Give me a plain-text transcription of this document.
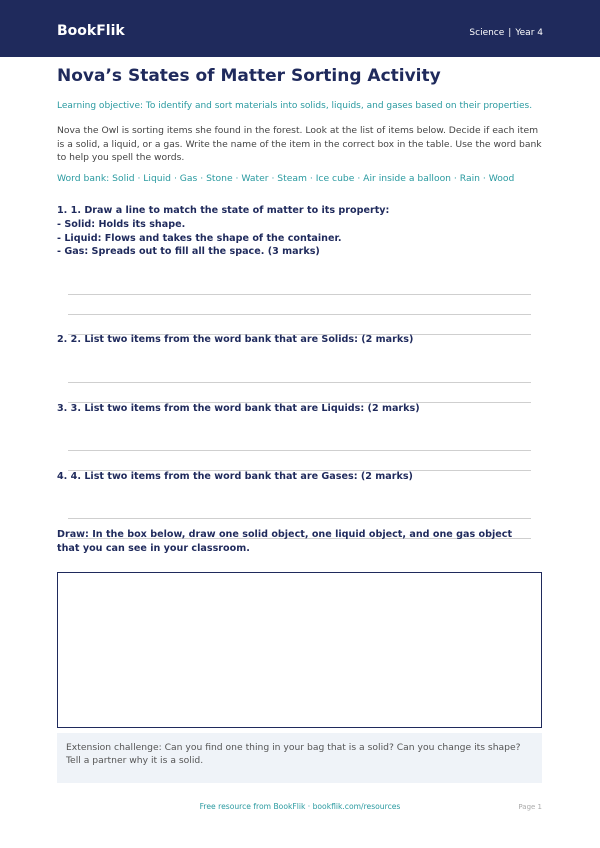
BookFlik	Science | Year 4
Nova’s States of Matter Sorting Activity
Learning objective: To identify and sort materials into solids, liquids, and gases based on their properties.
Nova the Owl is sorting items she found in the forest. Look at the list of items below. Decide if each item is a solid, a liquid, or a gas. Write the name of the item in the correct box in the table. Use the word bank to help you spell the words.
Word bank: Solid · Liquid · Gas · Stone · Water · Steam · Ice cube · Air inside a balloon · Rain · Wood
1. 1. Draw a line to match the state of matter to its property:
- Solid: Holds its shape.
- Liquid: Flows and takes the shape of the container.
- Gas: Spreads out to fill all the space. (3 marks)
2. 2. List two items from the word bank that are Solids: (2 marks)
3. 3. List two items from the word bank that are Liquids: (2 marks)
4. 4. List two items from the word bank that are Gases: (2 marks)
Draw: In the box below, draw one solid object, one liquid object, and one gas object that you can see in your classroom.
Extension challenge: Can you find one thing in your bag that is a solid? Can you change its shape? Tell a partner why it is a solid.
Free resource from BookFlik · bookflik.com/resources	Page 1
